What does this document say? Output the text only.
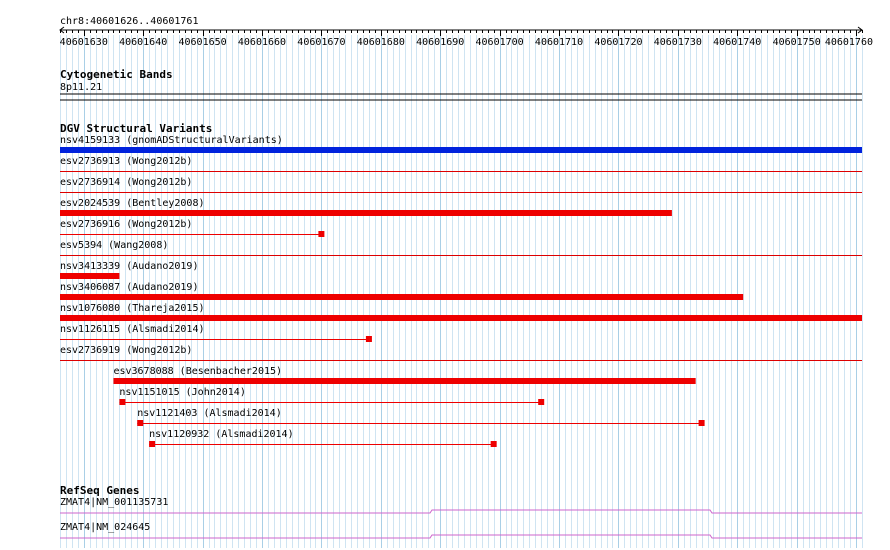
chr8:40601626..40601761
40601630 40601640 40601650 40601660 40601670 40601680 40601690 40601700 40601710 40601720 40601730 40601740 40601750 40601760
Cytogenetic Bands
8p11.21
DGV Structural Variants
nsv4159133 (gnomADStructuralVariants)
esv2736913 (Wong2012b)
esv2736914 (Wong2012b)
esv2024539 (Bentley2008)
esv2736916 (Wong2012b)
esv5394 (Wang2008)
nsv3413339 (Audano2019)
nsv3406087 (Audano2019)
nsv1076080 (Thareja2015)
nsv1126115 (Alsmadi2014)
esv2736919 (Wong2012b)
esv3678088 (Besenbacher2015)
nsv1151015 (John2014)
nsv1121403 (Alsmadi2014)
nsv1120932 (Alsmadi2014)
RefSeq Genes
ZMAT4|NM_001135731
ZMAT4|NM_024645
